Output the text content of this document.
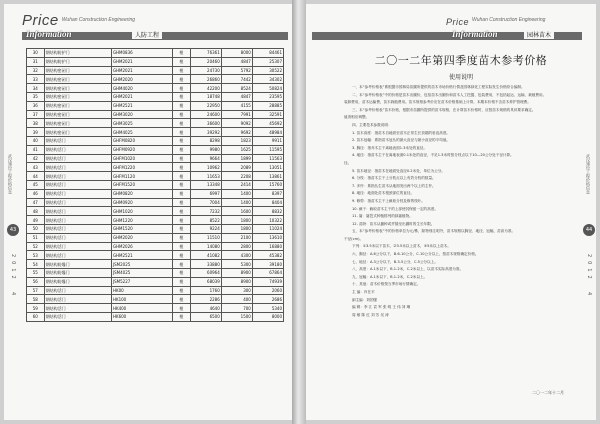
Price $^{Wuhan Construction Engineering}$
Information	人防工程
武汉建设工程价格信息
43
2012
4
30	钢结构防护门	GHM0836	樘	76361	8000	84461
31	钢结构防护门	GHM2021	樘	20460	4847	25307
32	钢结构密闭门	GHM2021	樘	24730	5792	30522
33	钢结构密闭门	GHM2020	樘	26860	7442	34302
34	钢结构密闭门	GHM4020	樘	42200	8524	50824
35	钢结构密闭门	GHM2021	樘	18748	4847	23595
36	钢结构密闭门	GHM2521	樘	22950	4155	28885
37	钢结构密闭门	GHM3020	樘	24600	7991	32591
38	钢结构密闭门	GHM3025	樘	36600	9092	45692
39	钢结构密闭门	GHM4025	樘	39292	9692	48984
40	钢结构活门	GHFM0820	樘	8298	1823	9911
41	钢结构活门	GHFM0920	樘	9980	1625	11595
42	钢结构活门	GHFM1020	樘	9664	1899	11563
43	钢结构活门	GHFM1220	樘	10962	2089	13051
44	钢结构活门	GHFM1120	樘	11653	2208	13861
45	钢结构活门	GHFM1520	樘	13348	2414	15760
46	钢结构活门	GHM0820	樘	6997	1400	8397
47	钢结构活门	GHM0920	樘	7004	1400	8404
48	钢结构活门	GHM1020	樘	7232	1600	8832
49	钢结构活门	GHM1220	樘	8522	1800	10322
50	钢结构活门	GHM1520	樘	9224	1800	11024
51	钢结构活门	GHM2020	樘	11510	2100	13610
52	钢结构活门	GHM2026	樘	14080	2800	16880
53	钢结构活门	GHM2521	樘	41082	4300	45382
54	钢结构防爆门	JSM2025	樘	33880	5300	39180
55	钢结构防爆门	JSM4025	樘	60964	8900	67864
56	钢结构防爆门	JSM5227	樘	68039	8900	74939
57	钢结构活门	HK00	樘	1760	300	2060
58	钢结构活门	HK100	樘	2286	400	2686
59	钢结构活门	HK400	樘	4640	700	5340
60	钢结构活门	HK600	樘	6500	1500	8000
Price $^{Wuhan Construction Engineering}$
Information	园林苗木
二〇一二年第四季度苗木参考价格
使用说明

一、本“参考价格表”系根据市园林局苗圃所提供的苗木市场价格行情及园林绿化工程实际发生价格综合编制。

二、本“参考价格表”中的价格是苗木出圃价，包括苗木出圃价和苗木人工挖掘、包装费用，不包括起运、运输、栽植费用。

装卸费用，苗木运输费，苗木栽植费用。苗木规格参考价应在苗木价格基础上计算，本期本价格不含苗木养护管理费。

三、本“参考价格表”苗木价格，根据市苗圃所提供的苗木规格，在计算苗木价格时，应按苗木规格的具体要求确定。

值须相应调整。

四、主要技术参数说明：

1. 苗木高度：指苗木自地面至苗木正常生长顶端的垂直高度。

2. 苗木冠幅：系指苗木冠丛的最大直径与最小直径的平均值。

3. 胸径：指乔木主干离地表面1.3米处的直径。

4. 地径：指苗木主干在离地表面0.1米处的直径，不足1.3米时按分枝点以下10—20公分处干径计算。

径。

5. 苗木地径：指苗木在地面处直径0.2米处，单位为公分。

6. 分枝：指苗木主干上分枝点以上有效分枝的数量。

7. 多杆：系指丛生苗木从地面发出两个以上的主杆。

8. 地径：地面处苗木根颈部位的直径。

9. 修剪：指苗木主干上截取分枝及修剪枝叶。

10. 截干：截取苗木主干的上部使其保留一定的高度。

11. 篱：篱笆式种植排列的绿篱植物。

12. 苗龄：苗木从播种或扦插至出圃时的生长年限。

五、本“参考价格表”中的价格单位为元/株，除特别注明外，苗木规格以胸径、地径、冠幅、苗高为准。

干径(cm)。

下列：①3.5米以下苗木，②3.5米以上苗木，③5米以上苗木。

六、胸径：A.6公分以下，B.6-10公分，C.10公分以上，按苗木规格确定价格。

七、地径：A.3公分以下，B.3-5公分，C.5公分以上。

八、高度：A.1米以下，B.1-2米，C.2米以上，以苗木实际高度为准。

九、冠幅：A.1米以下，B.1-2米，C.2米以上。

十、其他：苗木价格按当季市场行情确定。

主 编：肖在平

副主编：刘国强

编 辑：李 江 袁 军 张 明 王 伟 刘 琳

周 敏 陈 红 刘 芳 吴 涛

二〇一二年十二月
武汉建设工程价格信息
44
2012
4
